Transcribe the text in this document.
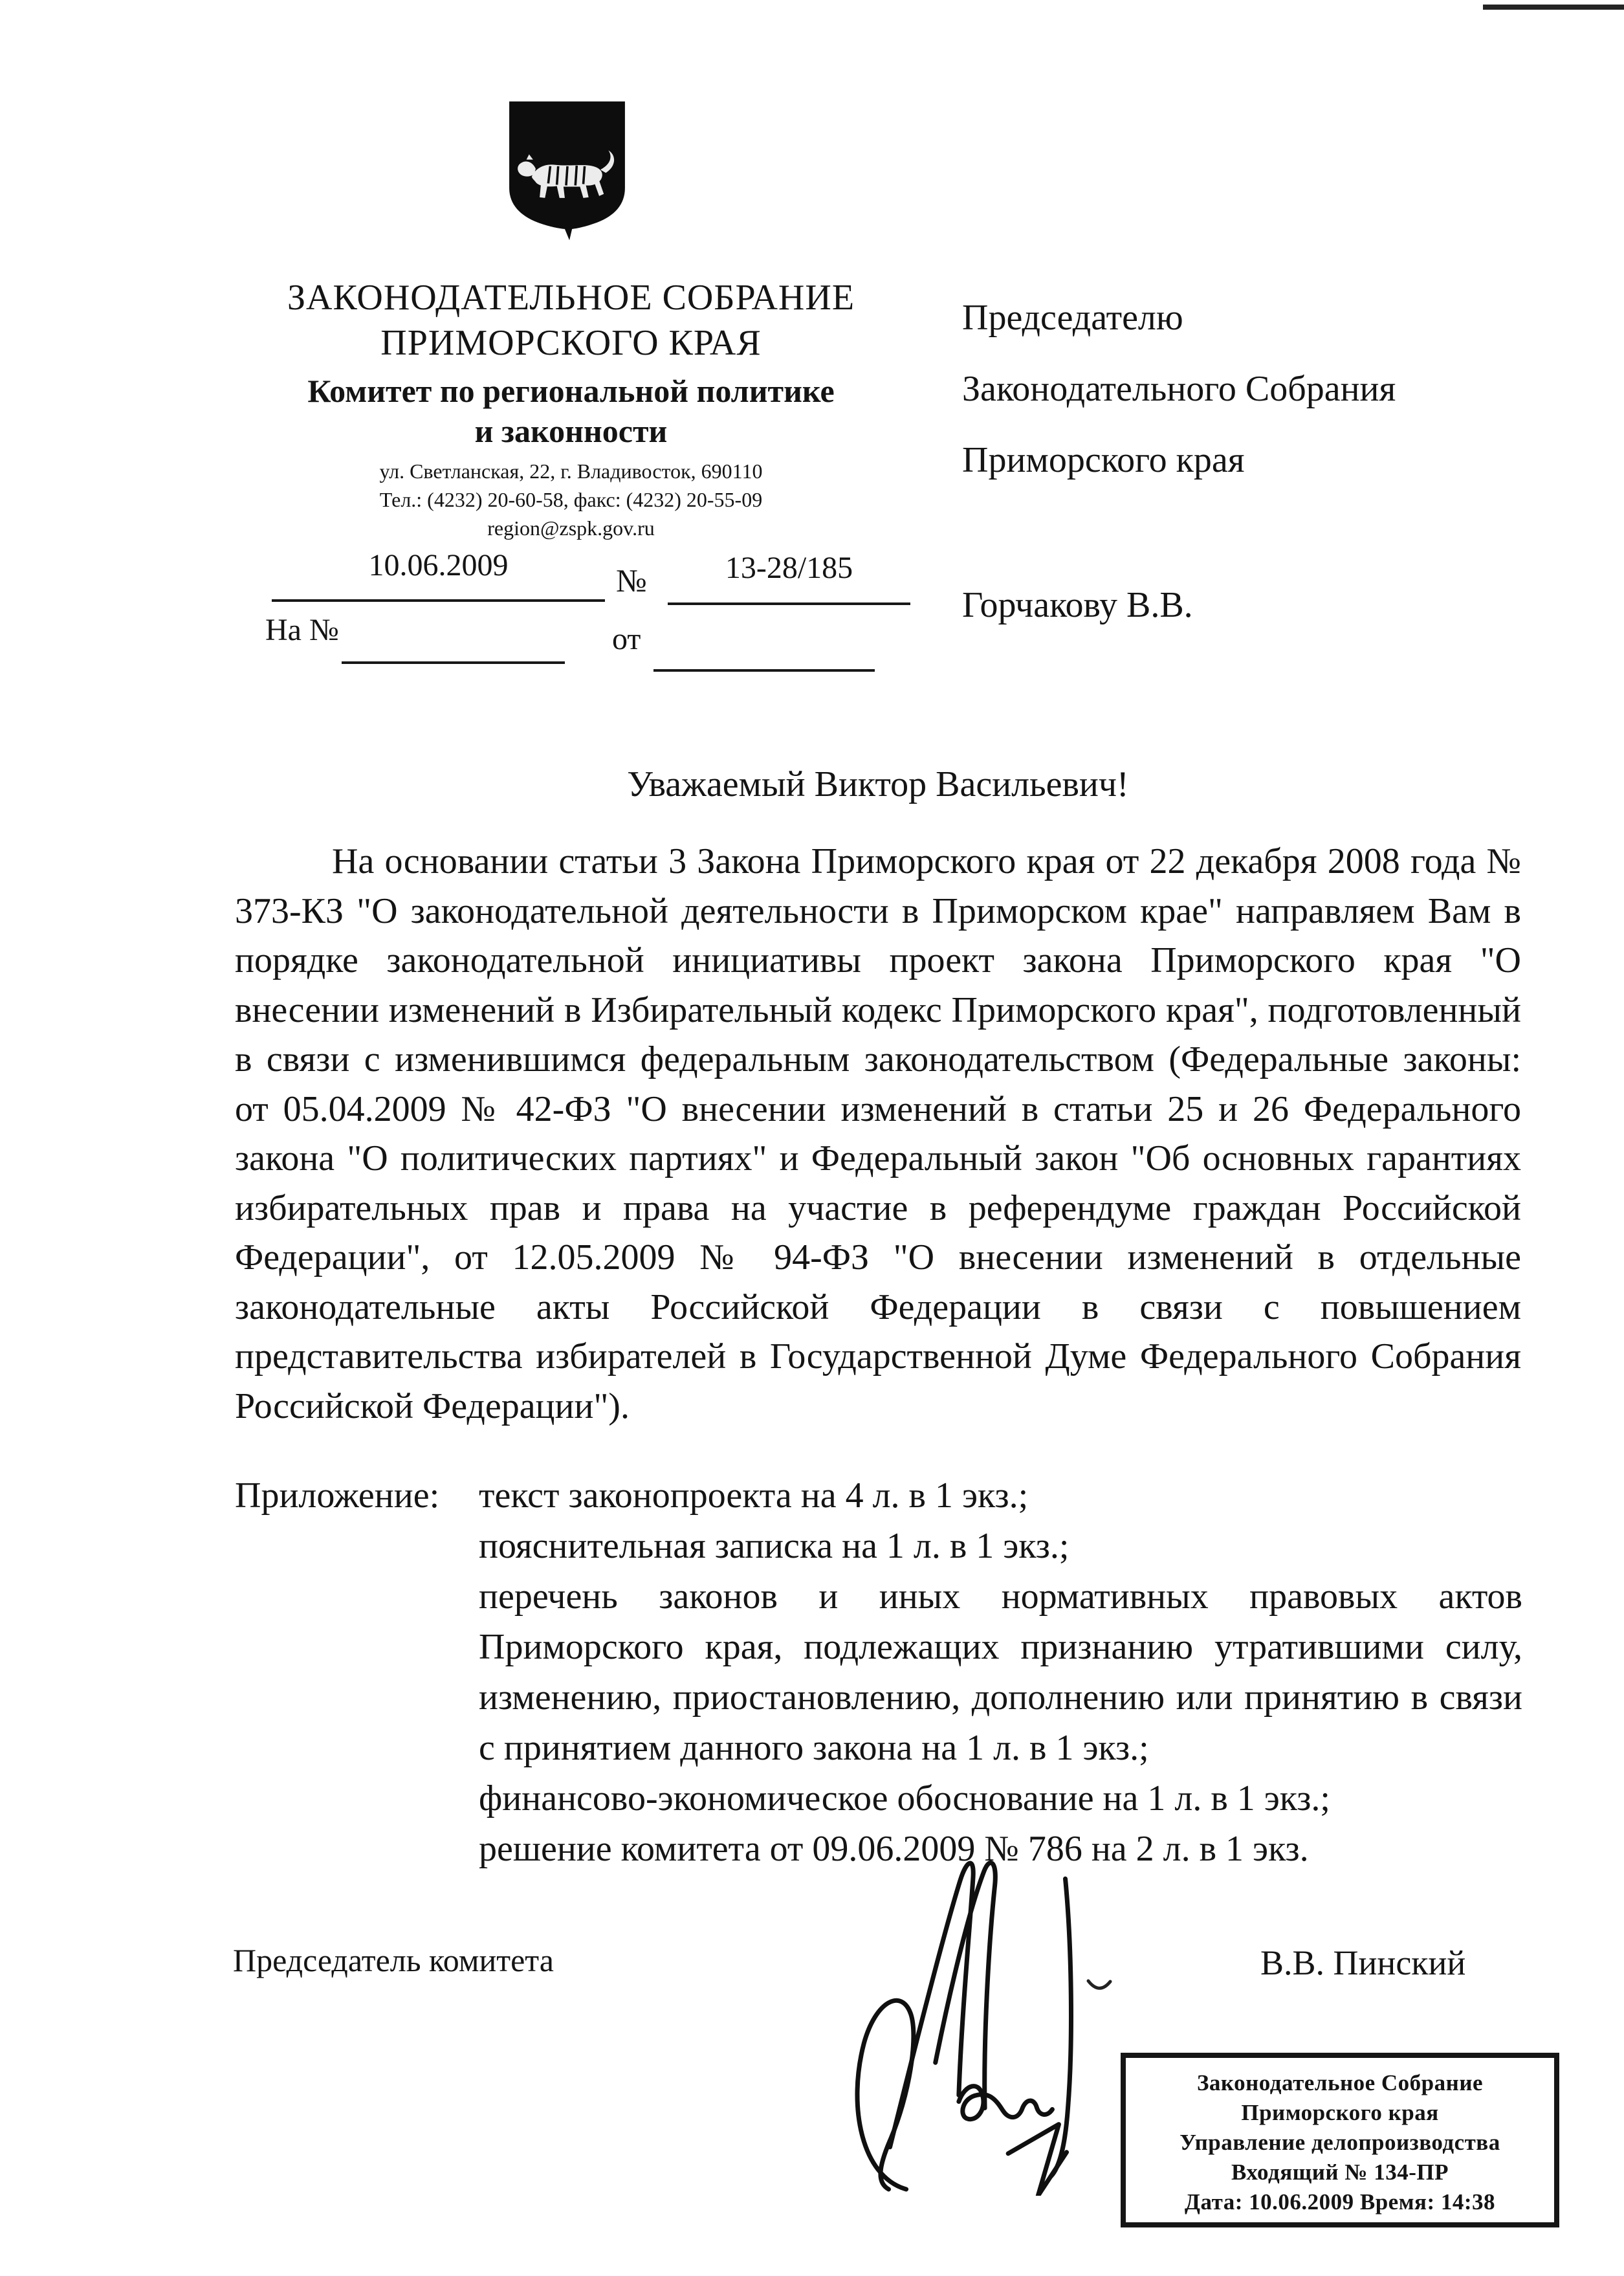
ЗАКОНОДАТЕЛЬНОЕ СОБРАНИЕ
ПРИМОРСКОГО КРАЯ
Комитет по региональной политике
и законности
ул. Светланская, 22, г. Владивосток, 690110
Тел.: (4232) 20-60-58, факс: (4232) 20-55-09
region@zspk.gov.ru
10.06.2009	№	13-28/185
На №	от
Председателю
Законодательного Собрания
Приморского края
Горчакову В.В.
Уважаемый Виктор Васильевич!
На основании статьи 3 Закона Приморского края от 22 декабря 2008 года № 373-КЗ "О законодательной деятельности в Приморском крае" направляем Вам в порядке законодательной инициативы проект закона Приморского края "О внесении изменений в Избирательный кодекс Приморского края", подготовленный в связи с изменившимся федеральным законодательством (Федеральные законы: от 05.04.2009 № 42-ФЗ "О внесении изменений в статьи 25 и 26 Федерального закона "О политических партиях" и Федеральный закон "Об основных гарантиях избирательных прав и права на участие в референдуме граждан Российской Федерации", от 12.05.2009 № 94-ФЗ "О внесении изменений в отдельные законодательные акты Российской Федерации в связи с повышением представительства избирателей в Государственной Думе Федерального Собрания Российской Федерации").
Приложение:	текст законопроекта на 4 л. в 1 экз.;
пояснительная записка на 1 л. в 1 экз.;
перечень законов и иных нормативных правовых актов Приморского края, подлежащих признанию утратившими силу, изменению, приостановлению, дополнению или принятию в связи с принятием данного закона на 1 л. в 1 экз.;
финансово-экономическое обоснование на 1 л. в 1 экз.;
решение комитета от 09.06.2009 № 786 на 2 л. в 1 экз.
Председатель комитета	В.В. Пинский
Законодательное Собрание
Приморского края
Управление делопроизводства
Входящий № 134-ПР
Дата: 10.06.2009 Время: 14:38
